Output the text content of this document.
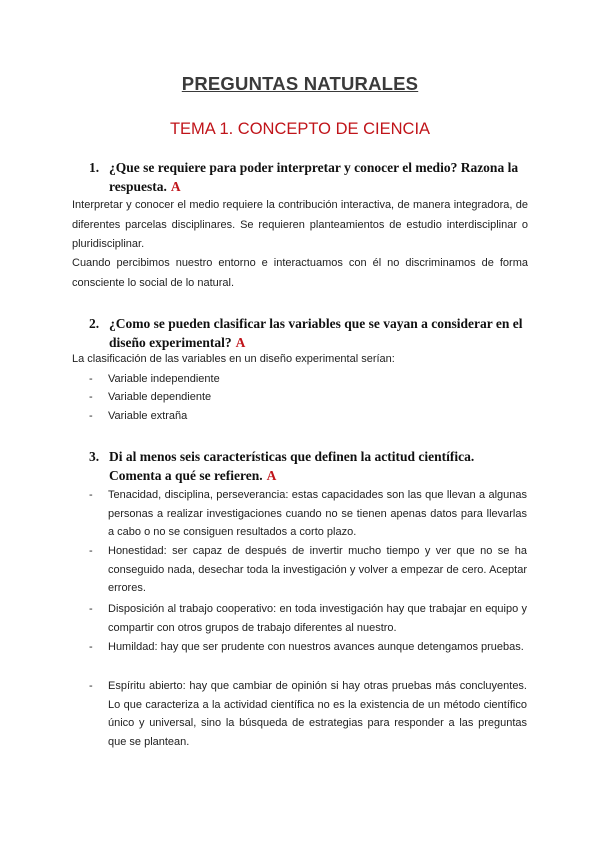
PREGUNTAS NATURALES
TEMA 1. CONCEPTO DE CIENCIA
1. ¿Que se requiere para poder interpretar y conocer el medio? Razona la respuesta. A
Interpretar y conocer el medio requiere la contribución interactiva, de manera integradora, de diferentes parcelas disciplinares. Se requieren planteamientos de estudio interdisciplinar o pluridisciplinar.
Cuando percibimos nuestro entorno e interactuamos con él no discriminamos de forma consciente lo social de lo natural.
2. ¿Como se pueden clasificar las variables que se vayan a considerar en el diseño experimental? A
La clasificación de las variables en un diseño experimental serían:
- Variable independiente
- Variable dependiente
- Variable extraña
3. Di al menos seis características que definen la actitud científica. Comenta a qué se refieren. A
- Tenacidad, disciplina, perseverancia: estas capacidades son las que llevan a algunas personas a realizar investigaciones cuando no se tienen apenas datos para llevarlas a cabo o no se consiguen resultados a corto plazo.
- Honestidad: ser capaz de después de invertir mucho tiempo y ver que no se ha conseguido nada, desechar toda la investigación y volver a empezar de cero. Aceptar errores.
- Disposición al trabajo cooperativo: en toda investigación hay que trabajar en equipo y compartir con otros grupos de trabajo diferentes al nuestro.
- Humildad: hay que ser prudente con nuestros avances aunque detengamos pruebas.
- Espíritu abierto: hay que cambiar de opinión si hay otras pruebas más concluyentes. Lo que caracteriza a la actividad científica no es la existencia de un método científico único y universal, sino la búsqueda de estrategias para responder a las preguntas que se plantean.
